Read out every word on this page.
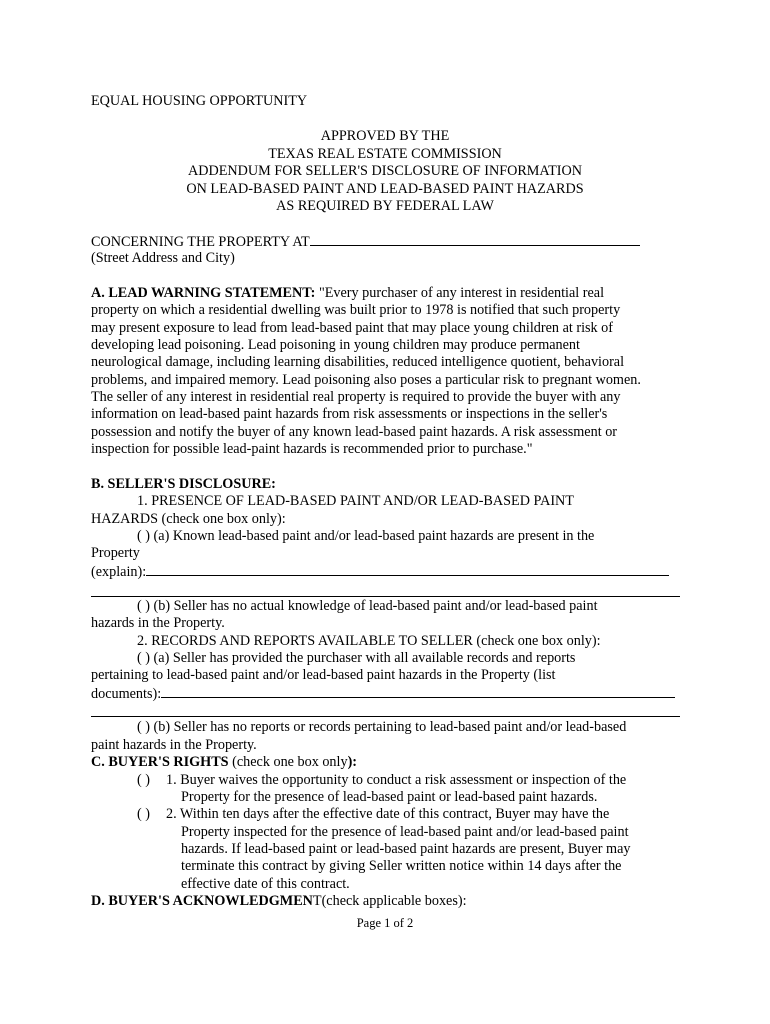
EQUAL HOUSING OPPORTUNITY
APPROVED BY THE
TEXAS REAL ESTATE COMMISSION
ADDENDUM FOR SELLER'S DISCLOSURE OF INFORMATION
ON LEAD-BASED PAINT AND LEAD-BASED PAINT HAZARDS
AS REQUIRED BY FEDERAL LAW
CONCERNING THE PROPERTY AT
(Street Address and City)
A. LEAD WARNING STATEMENT: "Every purchaser of any interest in residential real
property on which a residential dwelling was built prior to 1978 is notified that such property
may present exposure to lead from lead-based paint that may place young children at risk of
developing lead poisoning. Lead poisoning in young children may produce permanent
neurological damage, including learning disabilities, reduced intelligence quotient, behavioral
problems, and impaired memory. Lead poisoning also poses a particular risk to pregnant women.
The seller of any interest in residential real property is required to provide the buyer with any
information on lead-based paint hazards from risk assessments or inspections in the seller's
possession and notify the buyer of any known lead-based paint hazards. A risk assessment or
inspection for possible lead-paint hazards is recommended prior to purchase."
B. SELLER'S DISCLOSURE:
1. PRESENCE OF LEAD-BASED PAINT AND/OR LEAD-BASED PAINT
HAZARDS (check one box only):
( ) (a) Known lead-based paint and/or lead-based paint hazards are present in the
Property
(explain):
( ) (b) Seller has no actual knowledge of lead-based paint and/or lead-based paint
hazards in the Property.
2. RECORDS AND REPORTS AVAILABLE TO SELLER (check one box only):
( ) (a) Seller has provided the purchaser with all available records and reports
pertaining to lead-based paint and/or lead-based paint hazards in the Property (list
documents):
( ) (b) Seller has no reports or records pertaining to lead-based paint and/or lead-based
paint hazards in the Property.
C. BUYER'S RIGHTS (check one box only):
( ) 1. Buyer waives the opportunity to conduct a risk assessment or inspection of the
Property for the presence of lead-based paint or lead-based paint hazards.
( ) 2. Within ten days after the effective date of this contract, Buyer may have the
Property inspected for the presence of lead-based paint and/or lead-based paint
hazards. If lead-based paint or lead-based paint hazards are present, Buyer may
terminate this contract by giving Seller written notice within 14 days after the
effective date of this contract.
D. BUYER'S ACKNOWLEDGMENT(check applicable boxes):
Page 1 of 2
